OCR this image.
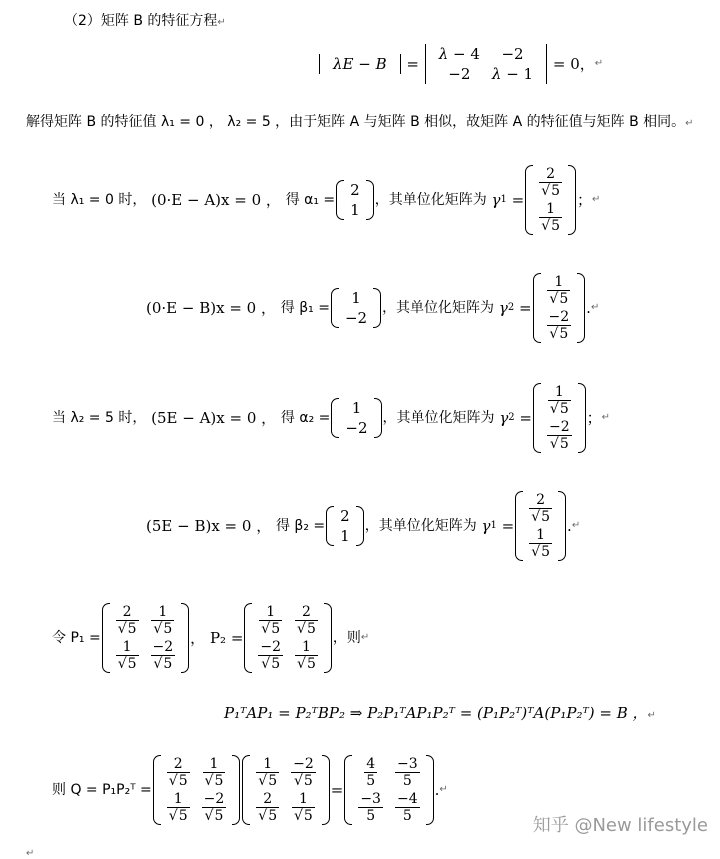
（2）矩阵 B 的特征方程↵
λE − B =
λ − 4	−2
−2	λ − 1
= 0，↵
解得矩阵 B 的特征值 λ₁ = 0 ， λ₂ = 5 ，由于矩阵 A 与矩阵 B 相似，故矩阵 A 的特征值与矩阵 B 相同。↵
当 λ₁ = 0 时，
(0·E − A)x = 0 ，
得 α₁ =
2
1
，其单位化矩阵为
γ 1 =
$\frac{2}{√5}$

$\frac{1}{√5}$
； ↵
(0·E − B)x = 0 ，
得 β₁ =
1
−2
，其单位化矩阵为
γ 2 =
$\frac{1}{√5}$

$\frac{-2}{√5}$
. ↵
当 λ₂ = 5 时，
(5E − A)x = 0 ，
得 α₂ =
1
−2
，其单位化矩阵为
γ 2 =
$\frac{1}{√5}$

$\frac{-2}{√5}$
； ↵
(5E − B)x = 0 ，
得 β₂ =
2
1
，其单位化矩阵为
γ 1 =
$\frac{2}{√5}$

$\frac{1}{√5}$
. ↵
令 P₁ =
$\frac{2}{√5}$	$\frac{1}{√5}$

$\frac{1}{√5}$	$\frac{-2}{√5}$
， P₂ =
$\frac{1}{√5}$	$\frac{2}{√5}$

$\frac{-2}{√5}$	$\frac{1}{√5}$
，则 ↵
P₁ᵀAP₁ = P₂ᵀBP₂ ⇒ P₂P₁ᵀAP₁P₂ᵀ = (P₁P₂ᵀ)ᵀA(P₁P₂ᵀ) = B ，↵
则 Q = P₁P₂ᵀ =
$\frac{2}{√5}$	$\frac{1}{√5}$

$\frac{1}{√5}$	$\frac{-2}{√5}$
$\frac{1}{√5}$	$\frac{-2}{√5}$

$\frac{2}{√5}$	$\frac{1}{√5}$
=
$\frac{4}{5}$	$\frac{-3}{5}$

$\frac{-3}{5}$	$\frac{-4}{5}$
. ↵
↵
知乎 @New lifestyle
